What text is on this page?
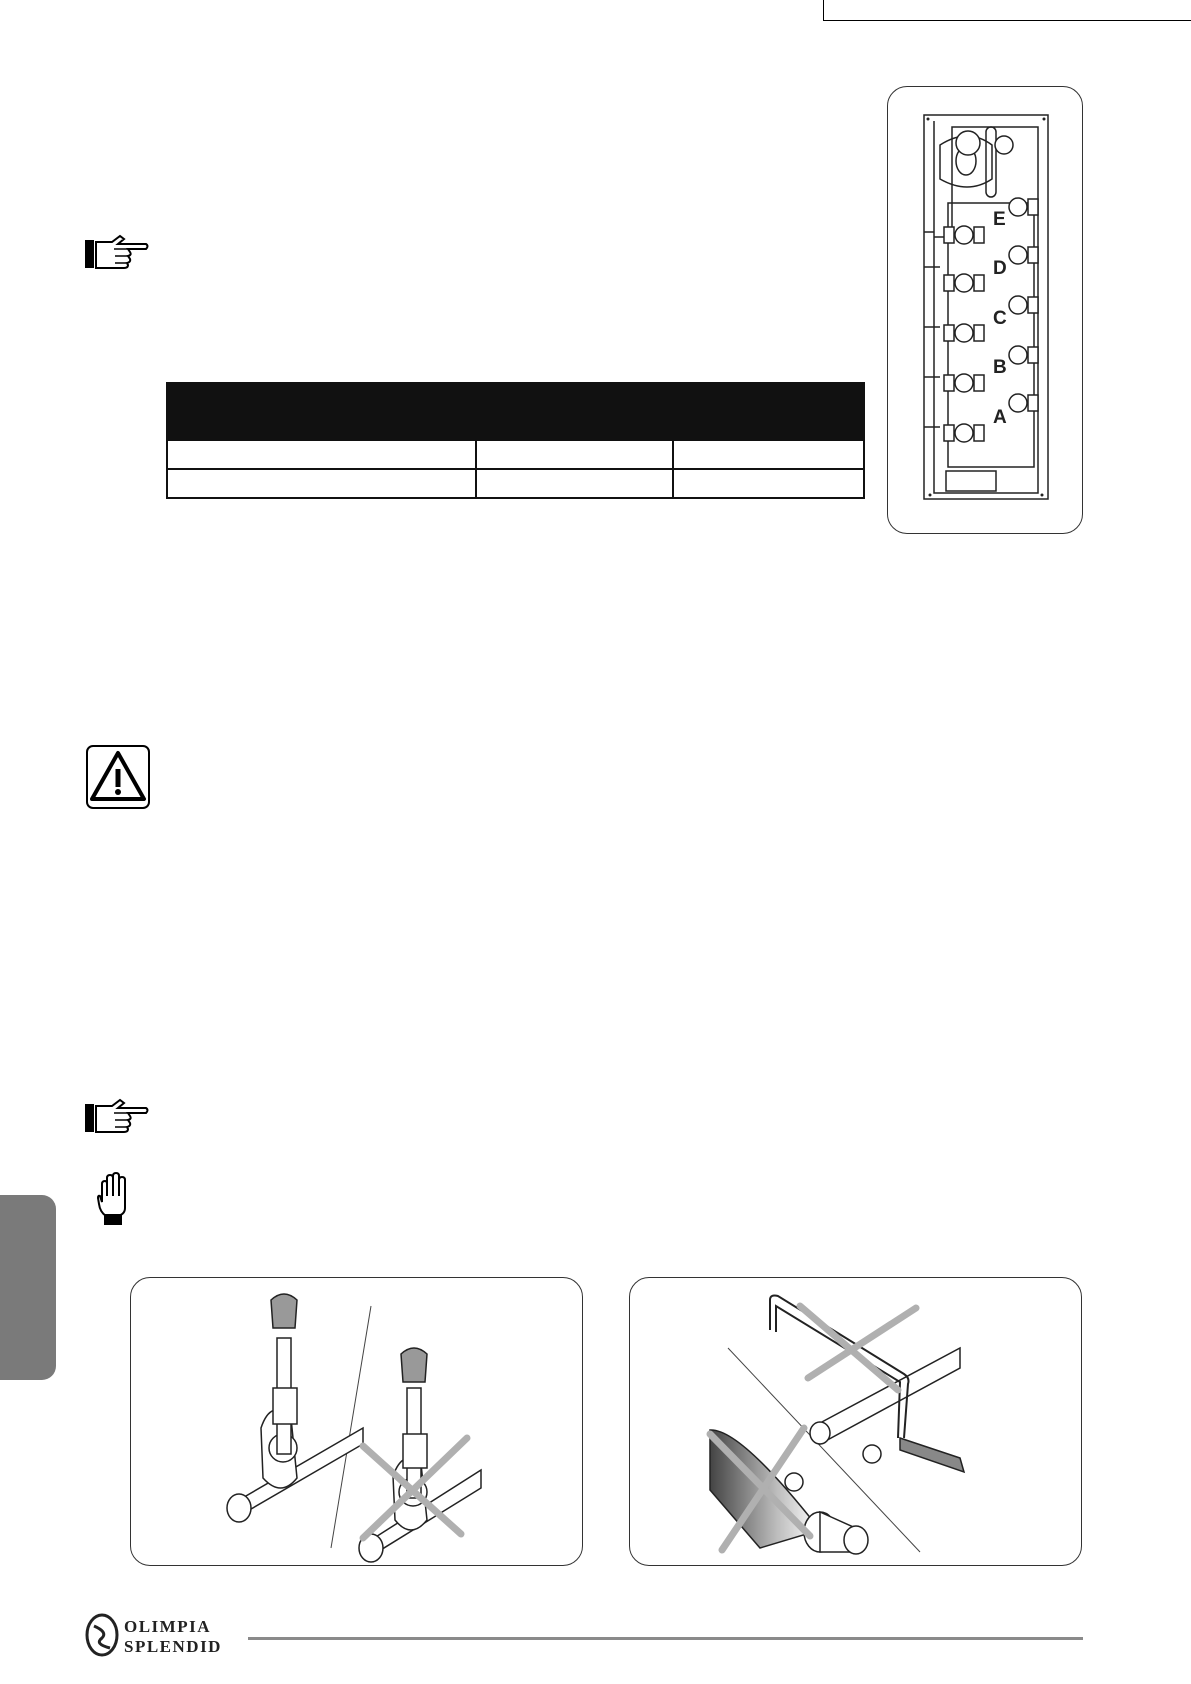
E
D
C
B
A
OLIMPIA
SPLENDID
